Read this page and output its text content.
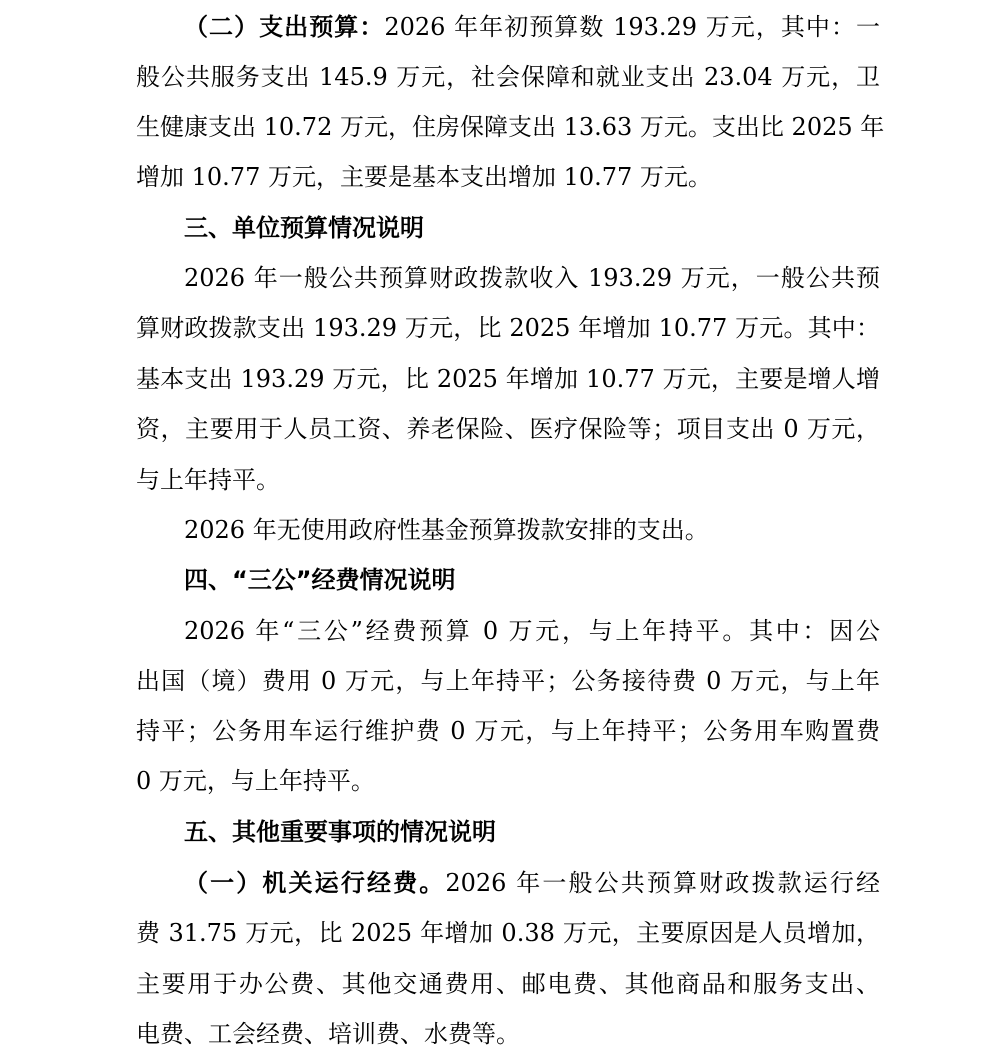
（二）支出预算：2026 年年初预算数 193.29 万元，其中：一
般公共服务支出 145.9 万元，社会保障和就业支出 23.04 万元，卫
生健康支出 10.72 万元，住房保障支出 13.63 万元。支出比 2025 年
增加 10.77 万元，主要是基本支出增加 10.77 万元。
三、单位预算情况说明
2026 年一般公共预算财政拨款收入 193.29 万元，一般公共预
算财政拨款支出 193.29 万元，比 2025 年增加 10.77 万元。其中：
基本支出 193.29 万元，比 2025 年增加 10.77 万元，主要是增人增
资，主要用于人员工资、养老保险、医疗保险等；项目支出 0 万元，
与上年持平。
2026 年无使用政府性基金预算拨款安排的支出。
四、“三公”经费情况说明
2026 年“三公”经费预算 0 万元，与上年持平。其中：因公
出国（境）费用 0 万元，与上年持平；公务接待费 0 万元，与上年
持平；公务用车运行维护费 0 万元，与上年持平；公务用车购置费
0 万元，与上年持平。
五、其他重要事项的情况说明
（一）机关运行经费。2026 年一般公共预算财政拨款运行经
费 31.75 万元，比 2025 年增加 0.38 万元，主要原因是人员增加，
主要用于办公费、其他交通费用、邮电费、其他商品和服务支出、
电费、工会经费、培训费、水费等。
